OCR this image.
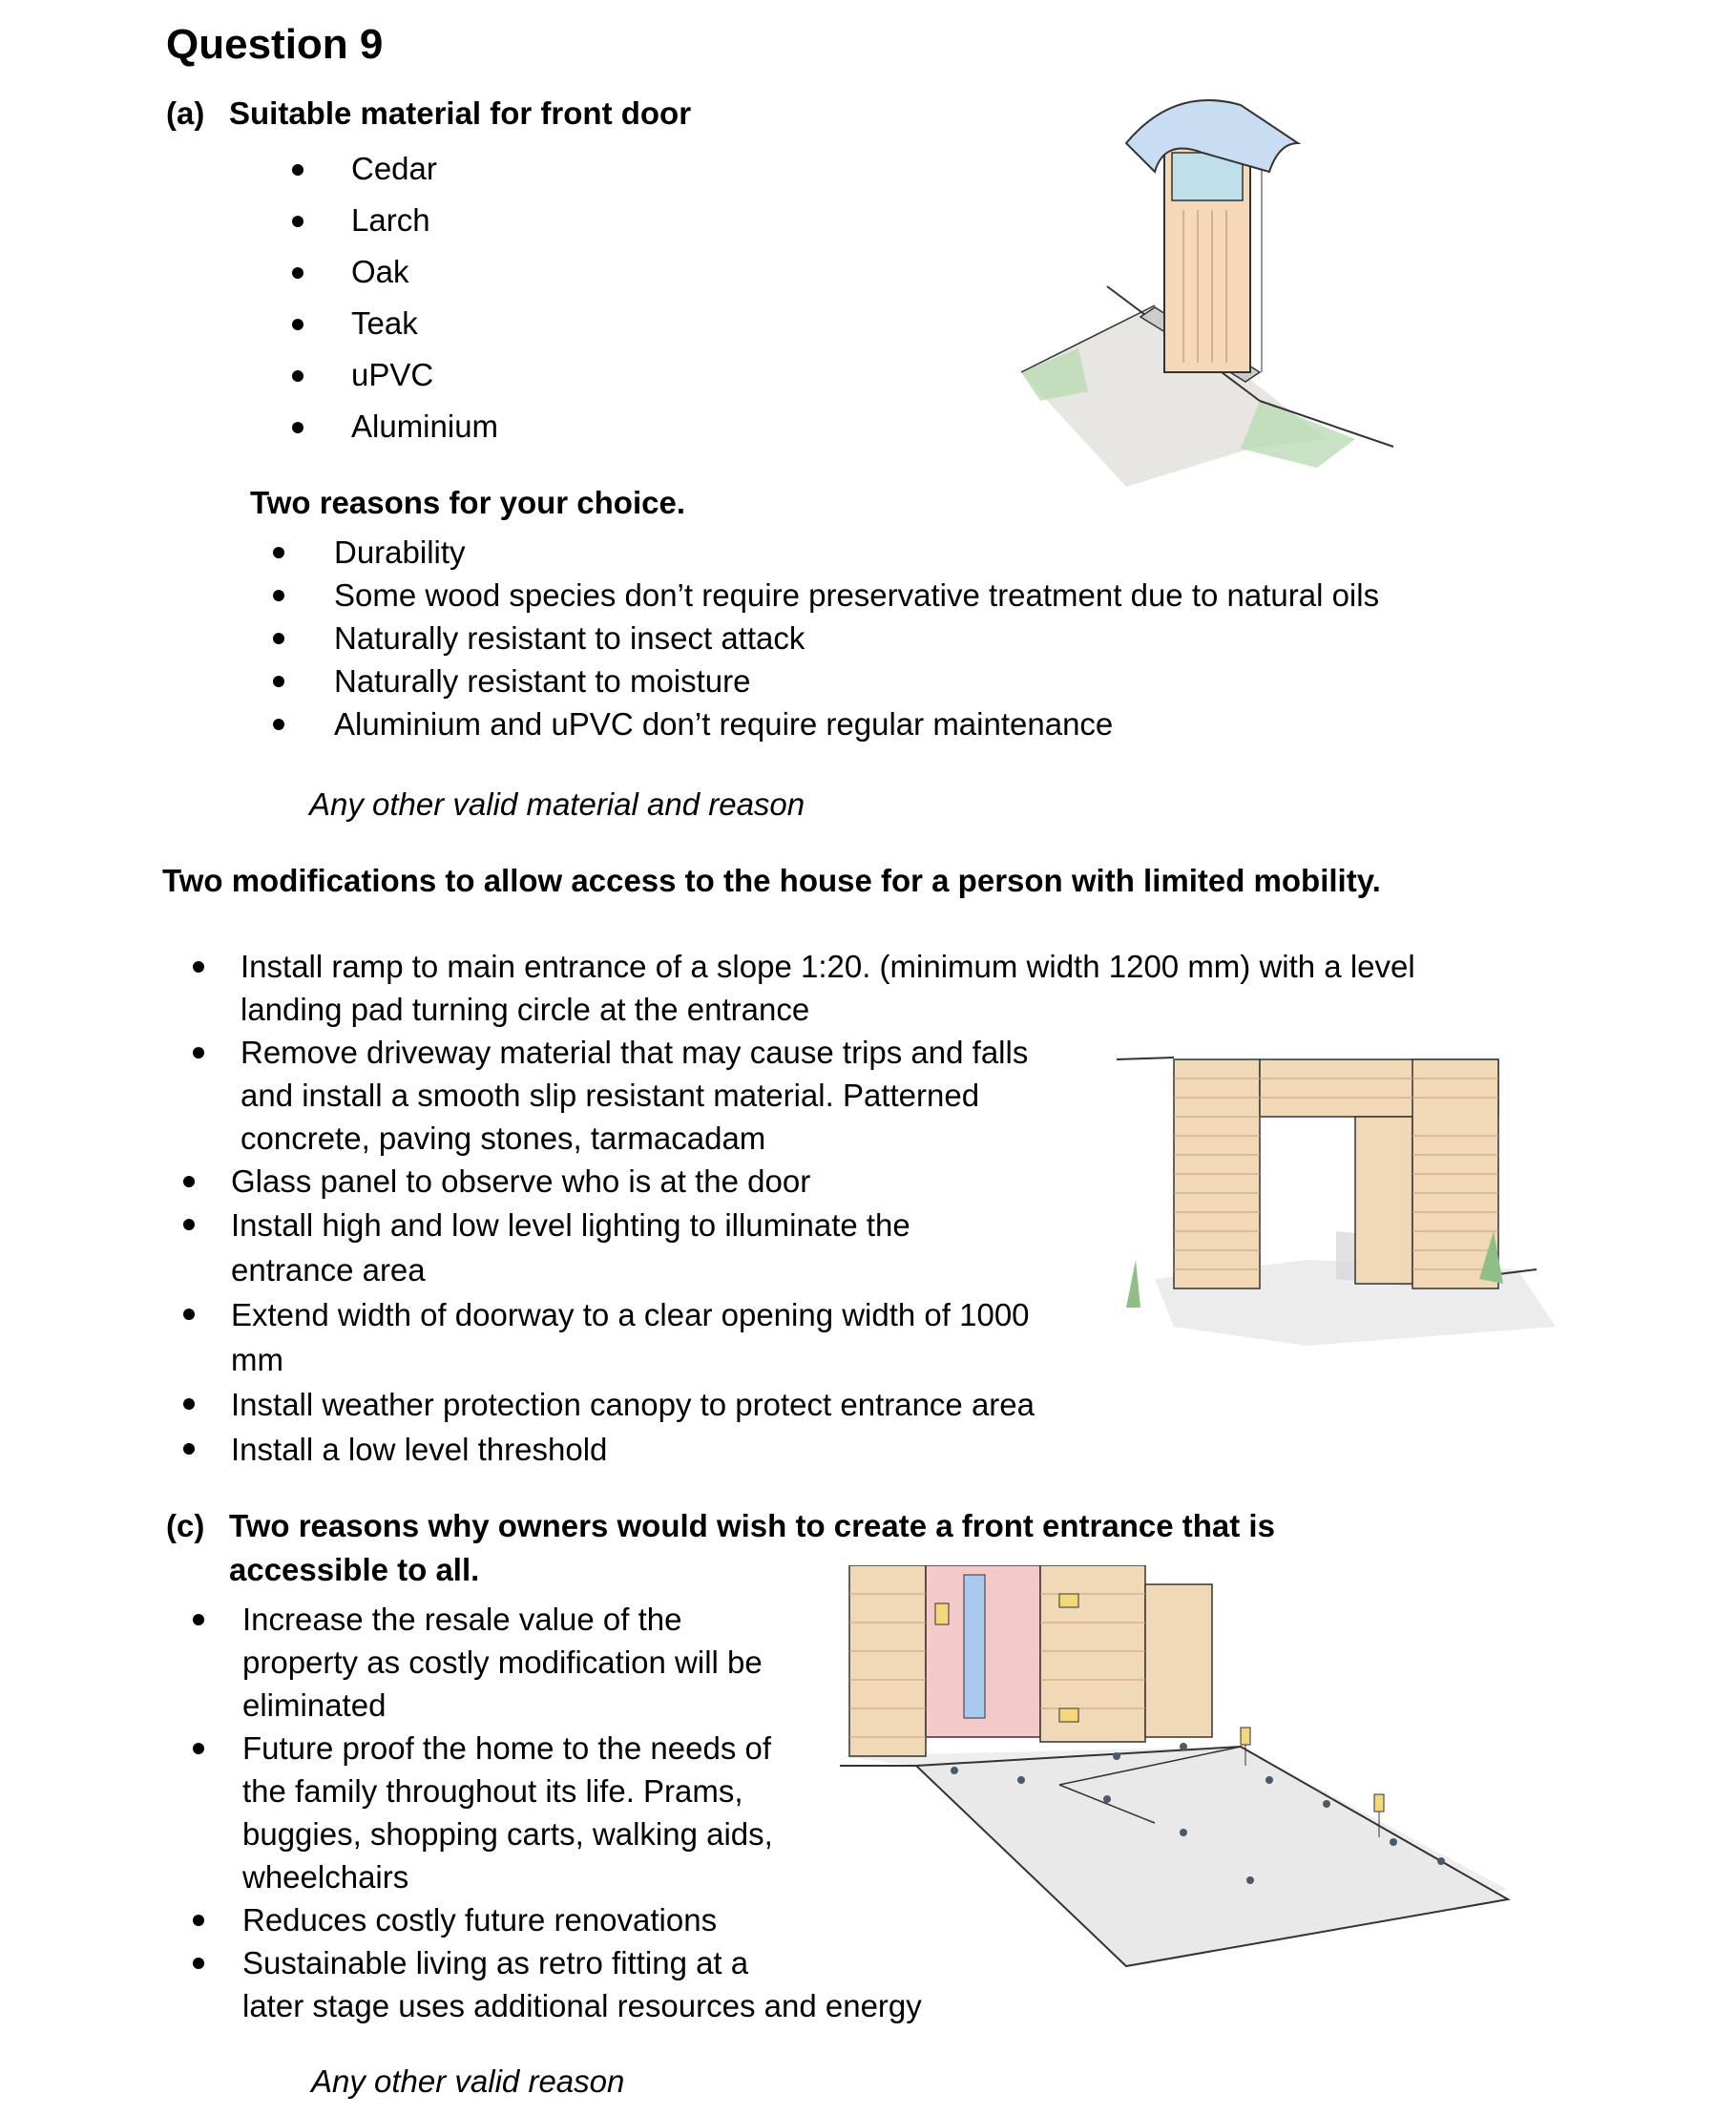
Question 9
(a) Suitable material for front door
Cedar
Larch
Oak
Teak
uPVC
Aluminium
Two reasons for your choice.
Durability
Some wood species don’t require preservative treatment due to natural oils
Naturally resistant to insect attack
Naturally resistant to moisture
Aluminium and uPVC don’t require regular maintenance
Any other valid material and reason
Two modifications to allow access to the house for a person with limited mobility.
Install ramp to main entrance of a slope 1:20. (minimum width 1200 mm) with a level
landing pad turning circle at the entrance
Remove driveway material that may cause trips and falls
and install a smooth slip resistant material. Patterned
concrete, paving stones, tarmacadam
Glass panel to observe who is at the door
Install high and low level lighting to illuminate the
entrance area
Extend width of doorway to a clear opening width of 1000
mm
Install weather protection canopy to protect entrance area
Install a low level threshold
(c) Two reasons why owners would wish to create a front entrance that is
accessible to all.
Increase the resale value of the
property as costly modification will be
eliminated
Future proof the home to the needs of
the family throughout its life. Prams,
buggies, shopping carts, walking aids,
wheelchairs
Reduces costly future renovations
Sustainable living as retro fitting at a
later stage uses additional resources and energy
Any other valid reason
